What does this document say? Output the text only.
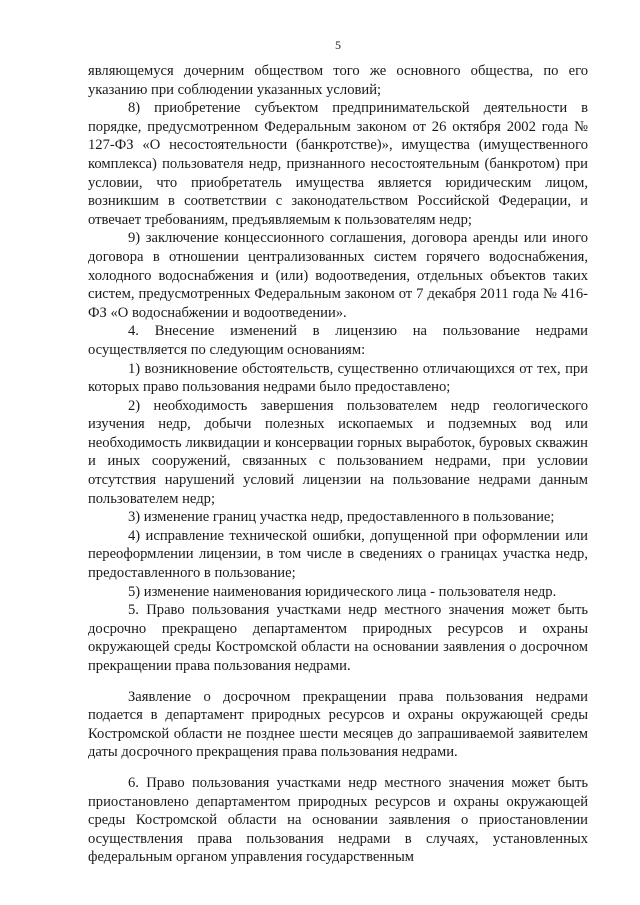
5

являющемуся дочерним обществом того же основного общества, по его указанию при соблюдении указанных условий;

8) приобретение субъектом предпринимательской деятельности в порядке, предусмотренном Федеральным законом от 26 октября 2002 года № 127-ФЗ «О несостоятельности (банкротстве)», имущества (имущественного комплекса) пользователя недр, признанного несостоятельным (банкротом) при условии, что приобретатель имущества является юридическим лицом, возникшим в соответствии с законодательством Российской Федерации, и отвечает требованиям, предъявляемым к пользователям недр;

9) заключение концессионного соглашения, договора аренды или иного договора в отношении централизованных систем горячего водоснабжения, холодного водоснабжения и (или) водоотведения, отдельных объектов таких систем, предусмотренных Федеральным законом от 7 декабря 2011 года № 416-ФЗ «О водоснабжении и водоотведении».

4. Внесение изменений в лицензию на пользование недрами осуществляется по следующим основаниям:

1) возникновение обстоятельств, существенно отличающихся от тех, при которых право пользования недрами было предоставлено;

2) необходимость завершения пользователем недр геологического изучения недр, добычи полезных ископаемых и подземных вод или необходимость ликвидации и консервации горных выработок, буровых скважин и иных сооружений, связанных с пользованием недрами, при условии отсутствия нарушений условий лицензии на пользование недрами данным пользователем недр;

3) изменение границ участка недр, предоставленного в пользование;

4) исправление технической ошибки, допущенной при оформлении или переоформлении лицензии, в том числе в сведениях о границах участка недр, предоставленного в пользование;

5) изменение наименования юридического лица - пользователя недр.

5. Право пользования участками недр местного значения может быть досрочно прекращено департаментом природных ресурсов и охраны окружающей среды Костромской области на основании заявления о досрочном прекращении права пользования недрами.

Заявление о досрочном прекращении права пользования недрами подается в департамент природных ресурсов и охраны окружающей среды Костромской области не позднее шести месяцев до запрашиваемой заявителем даты досрочного прекращения права пользования недрами.

6. Право пользования участками недр местного значения может быть приостановлено департаментом природных ресурсов и охраны окружающей среды Костромской области на основании заявления о приостановлении осуществления права пользования недрами в случаях, установленных федеральным органом управления государственным
